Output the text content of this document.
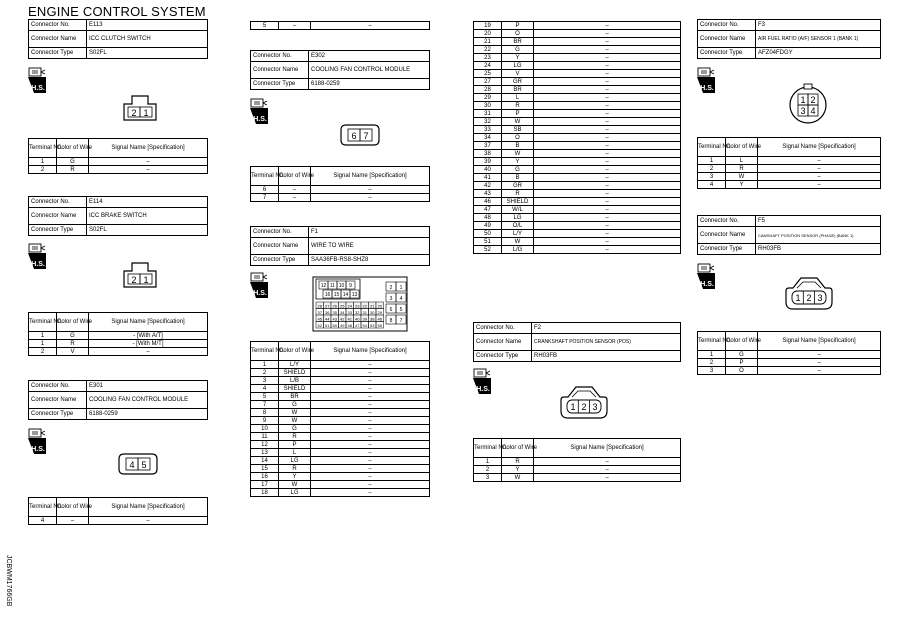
ENGINE CONTROL SYSTEM
Connector No.	E113
Connector Name	ICC CLUTCH SWITCH
Connector Type	S02FL
H.S.
2 1
Terminal No.	Color of Wire	Signal Name [Specification]
1	G	–
2	R	–
Connector No.	E114
Connector Name	ICC BRAKE SWITCH
Connector Type	S02FL
H.S.
2 1
Terminal No.	Color of Wire	Signal Name [Specification]
1	G	- [With A/T]
1	R	- [With M/T]
2	V	–
Connector No.	E301
Connector Name	COOLING FAN CONTROL MODULE
Connector Type	6188-0259
H.S.
4 5
Terminal No.	Color of Wire	Signal Name [Specification]
4	–	–
JCBWM1766GB
5	–	–
Connector No.	E302
Connector Name	COOLING FAN CONTROL MODULE
Connector Type	6188-0259
H.S.
6 7
Terminal No.	Color of Wire	Signal Name [Specification]
6	–	–
7	–	–
Connector No.	F1
Connector Name	WIRE TO WIRE
Connector Type	SAA36FB-RS8-SHZ8
H.S.
12 11 10 9
16 15 14 13
2 1
3 4
6 5
8 7
28 27 26 25 24 23 22 21 20
37 36 35 34 33 32 31 30 29
45 44 43 42 41 40 39 38 46
52 51 50 49 48 47 54 53 55
Terminal No.	Color of Wire	Signal Name [Specification]
1	L/Y	–
2	SHIELD	–
3	L/B	–
4	SHIELD	–
5	BR	–
7	G	–
8	W	–
9	W	–
10	G	–
11	R	–
12	P	–
13	L	–
14	LG	–
15	R	–
16	Y	–
17	W	–
18	LG	–
19	P	–
20	O	–
21	BR	–
22	G	–
23	Y	–
24	LG	–
25	V	–
27	GR	–
28	BR	–
29	L	–
30	R	–
31	P	–
32	W	–
33	SB	–
34	O	–
37	B	–
38	W	–
39	Y	–
40	G	–
41	B	–
42	GR	–
43	R	–
46	SHIELD	–
47	W/L	–
48	LG	–
49	O/L	–
50	L/Y	–
51	W	–
52	L/G	–
Connector No.	F2
Connector Name	CRANKSHAFT POSITION SENSOR (POS)
Connector Type	RH03FB
H.S.
1 2 3
Terminal No.	Color of Wire	Signal Name [Specification]
1	R	–
2	Y	–
3	W	–
Connector No.	F3
Connector Name	AIR FUEL RATIO (A/F) SENSOR 1 (BANK 1)
Connector Type	AFZ04FDGY
H.S.
1 2
3 4
Terminal No.	Color of Wire	Signal Name [Specification]
1	L	–
2	R	–
3	W	–
4	Y	–
Connector No.	F5
Connector Name	CAMSHAFT POSITION SENSOR (PHASE) (BANK 1)
Connector Type	RH03FB
H.S.
1 2 3
Terminal No.	Color of Wire	Signal Name [Specification]
1	G	–
2	P	–
3	O	–
